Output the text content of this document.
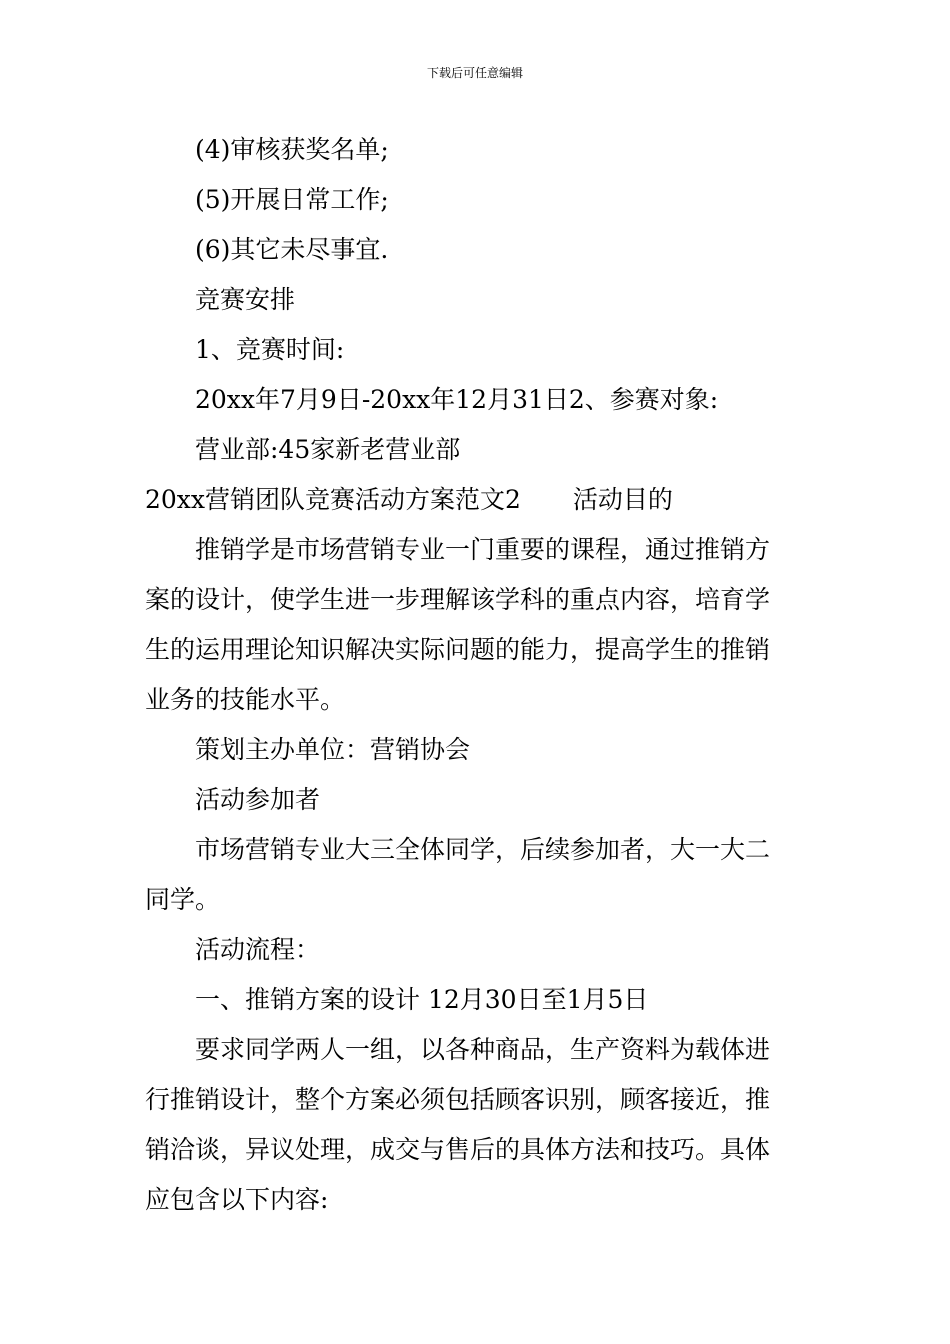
下载后可任意编辑
(4)审核获奖名单;
(5)开展日常工作;
(6)其它未尽事宜.
竞赛安排
1、竞赛时间:
20xx年7月9日-20xx年12月31日2、参赛对象:
营业部:45家新老营业部
20xx营销团队竞赛活动方案范文2 活动目的
推销学是市场营销专业一门重要的课程，通过推销方
案的设计，使学生进一步理解该学科的重点内容，培育学
生的运用理论知识解决实际问题的能力，提高学生的推销
业务的技能水平。
策划主办单位：营销协会
活动参加者
市场营销专业大三全体同学，后续参加者，大一大二
同学。
活动流程：
一、推销方案的设计 12月30日至1月5日
要求同学两人一组，以各种商品，生产资料为载体进
行推销设计，整个方案必须包括顾客识别，顾客接近，推
销洽谈，异议处理，成交与售后的具体方法和技巧。具体
应包含以下内容:
